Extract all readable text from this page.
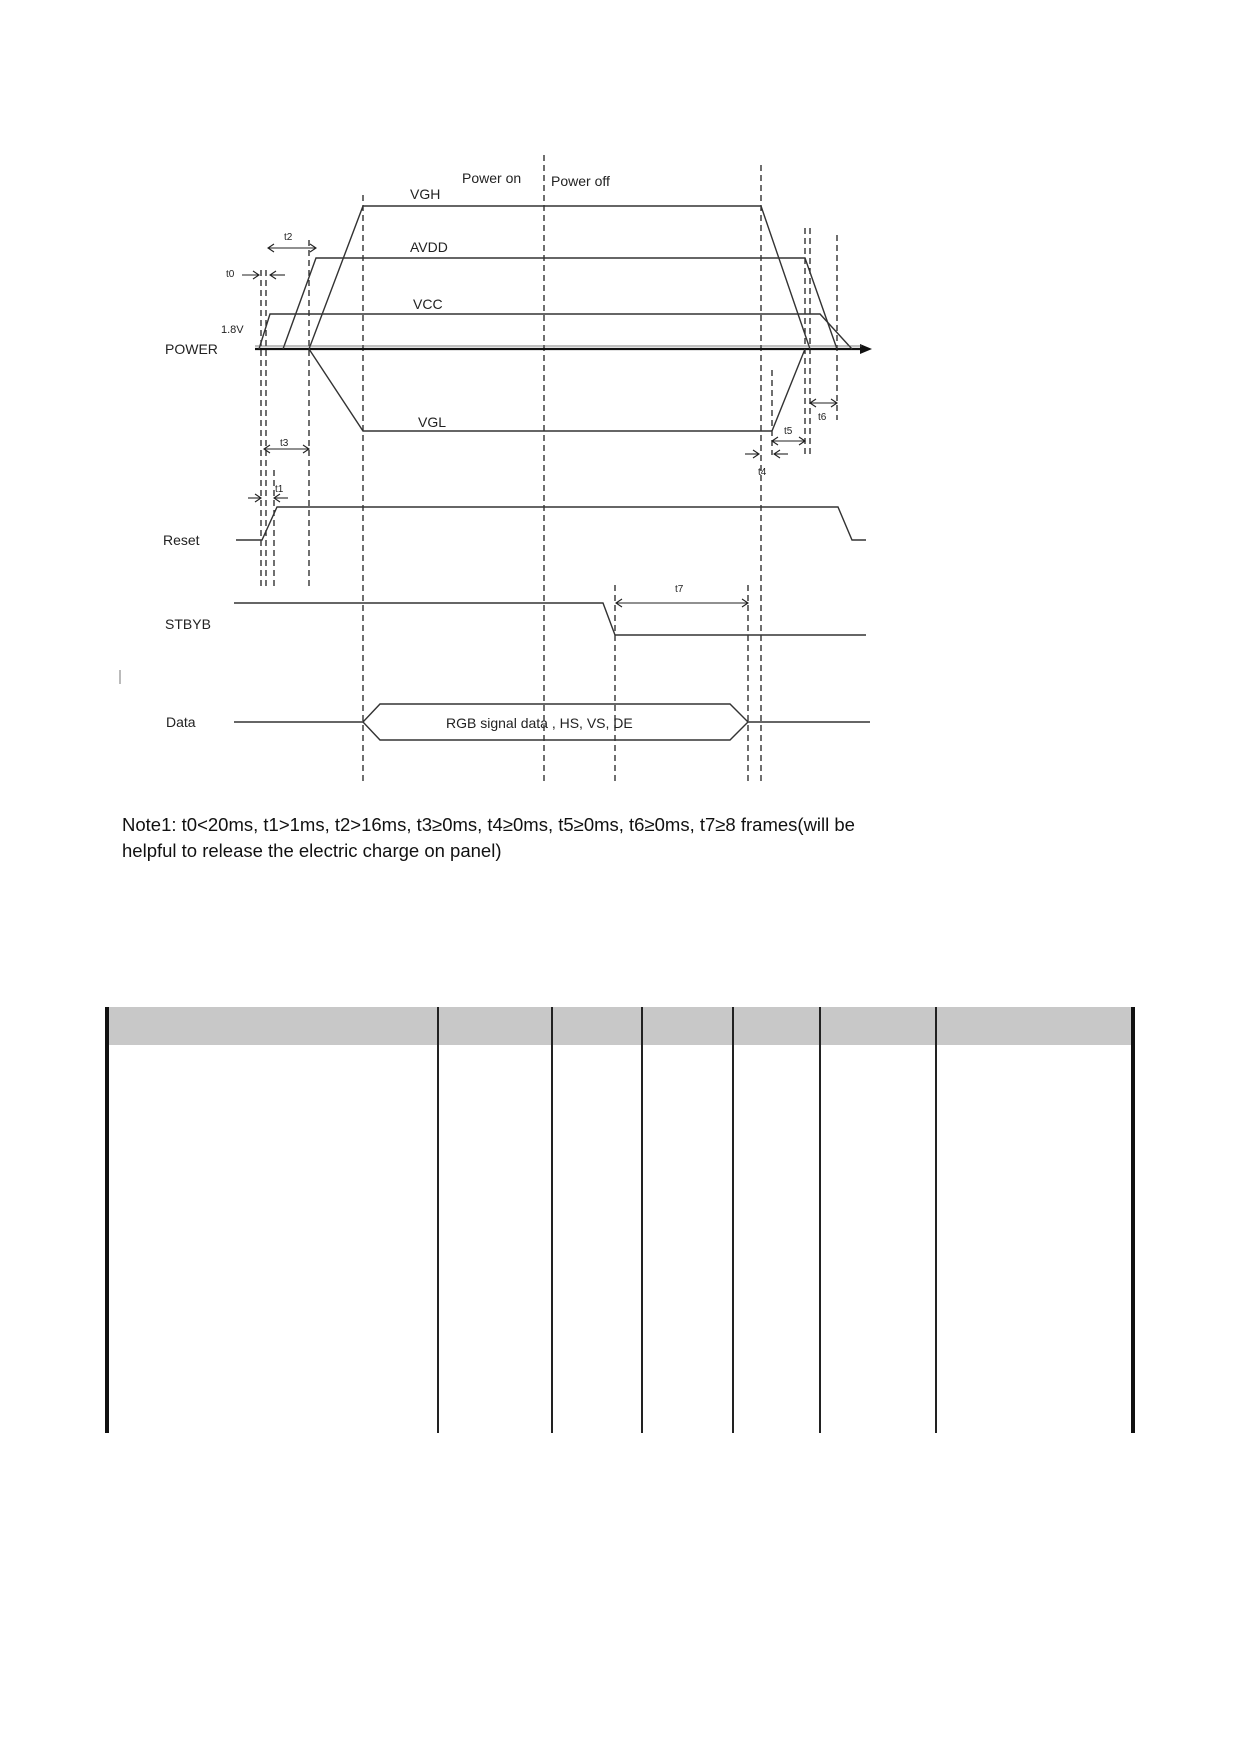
Power on Power off
VGH
AVDD
VCC
VGL
1.8V
POWER
Reset
STBYB
Data	RGB signal data , HS, VS, DE
t0
t1
t2
t3
t4
t5
t6
t7
Note1: t0<20ms, t1>1ms, t2>16ms, t3≥0ms, t4≥0ms, t5≥0ms, t6≥0ms, t7≥8 frames(will be
helpful to release the electric charge on panel)
